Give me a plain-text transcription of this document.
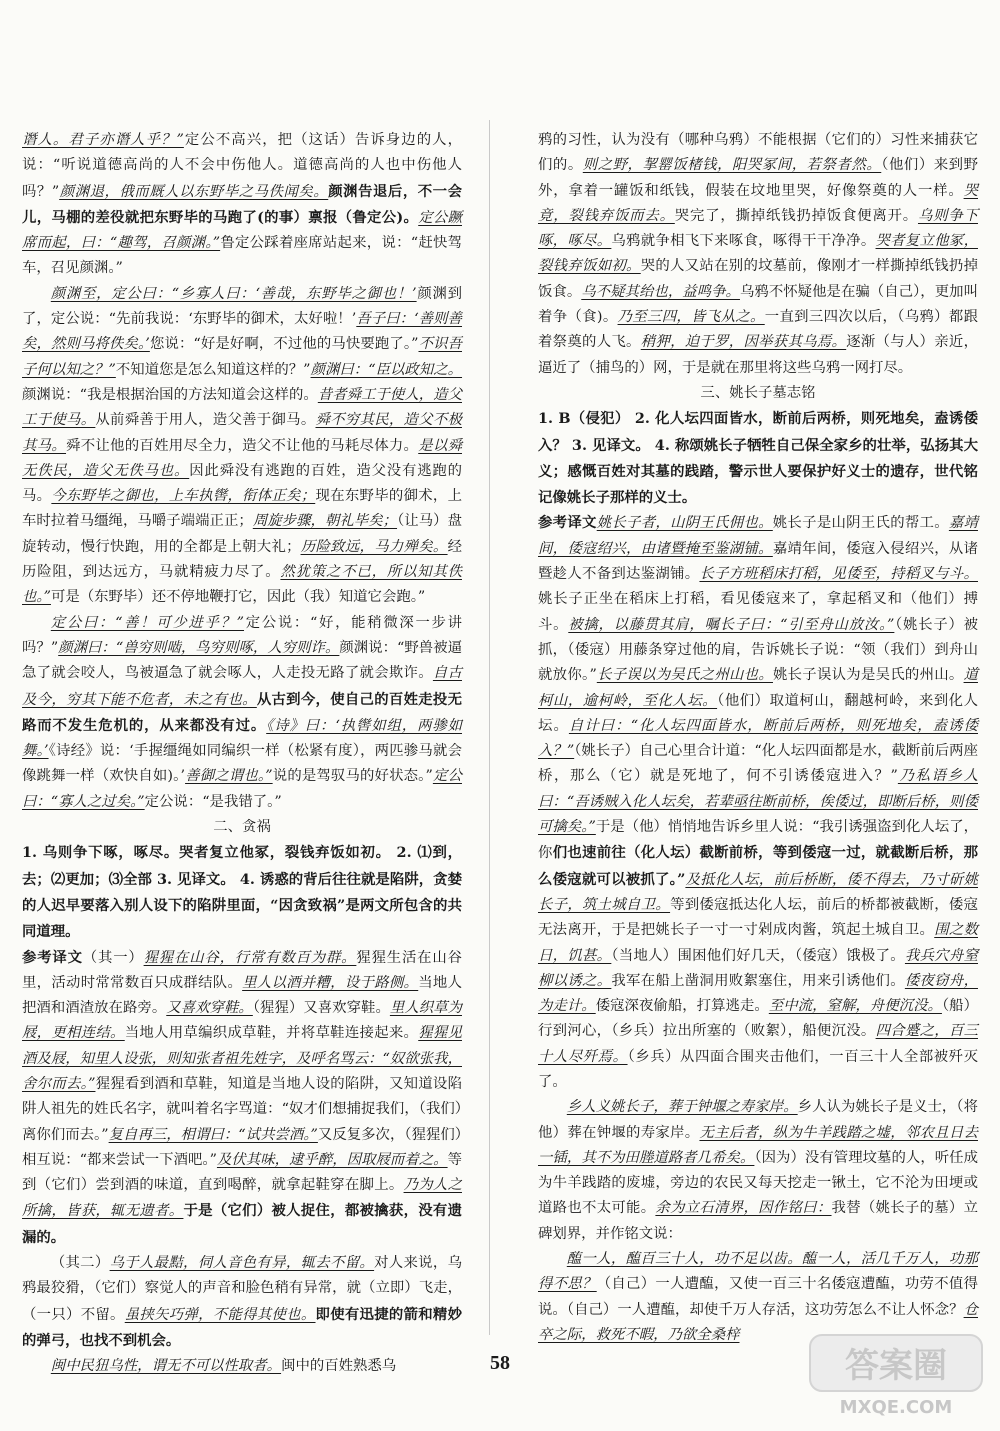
谮人。君子亦谮人乎？”定公不高兴，把（这话）告诉身边的人，说：“听说道德高尚的人不会中伤他人。道德高尚的人也中伤他人吗？”颜渊退，俄而厩人以东野毕之马佚闻矣。颜渊告退后，不一会儿，马棚的差役就把东野毕的马跑了(的事）禀报（鲁定公)。定公蹶席而起，曰：“趣驾，召颜渊。”鲁定公踩着座席站起来，说：“赶快驾车，召见颜渊。”

颜渊至，定公曰：“乡寡人曰：‘善哉，东野毕之御也！’颜渊到了，定公说：“先前我说：‘东野毕的御术，太好啦！’吾子曰：‘善则善矣，然则马将佚矣。’您说：“好是好啊，不过他的马快要跑了。”不识吾子何以知之？”不知道您是怎么知道这样的？”颜渊曰：“臣以政知之。颜渊说：“我是根据治国的方法知道会这样的。昔者舜工于使人，造父工于使马。从前舜善于用人，造父善于御马。舜不穷其民，造父不极其马。舜不让他的百姓用尽全力，造父不让他的马耗尽体力。是以舜无佚民，造父无佚马也。因此舜没有逃跑的百姓，造父没有逃跑的马。今东野毕之御也，上车执辔，衔体正矣；现在东野毕的御术，上车时拉着马缰绳，马嚼子端端正正；周旋步骤，朝礼毕矣；（让马）盘旋转动，慢行快跑，用的全都是上朝大礼；历险致远，马力殚矣。经历险阻，到达远方，马就精疲力尽了。然犹策之不已，所以知其佚也。”可是（东野毕）还不停地鞭打它，因此（我）知道它会跑。”

定公曰：“善！可少进乎？”定公说：“好，能稍微深一步讲吗？”颜渊曰：“兽穷则啮，鸟穷则啄，人穷则诈。颜渊说：“野兽被逼急了就会咬人，鸟被逼急了就会啄人，人走投无路了就会欺诈。自古及今，穷其下能不危者，未之有也。从古到今，使自己的百姓走投无路而不发生危机的，从来都没有过。《诗》曰：‘执辔如组，两骖如舞。’《诗经》说：‘手握缰绳如同编织一样（松紧有度），两匹骖马就会像跳舞一样（欢快自如)。’善御之谓也。”说的是驾驭马的好状态。”定公曰：“寡人之过矣。”定公说：“是我错了。”

二、贪祸

1. 乌则争下啄，啄尽。哭者复立他冢，裂钱弃饭如初。 2. ⑴到，去；⑵更加；⑶全部 3. 见译文。 4. 诱惑的背后往往就是陷阱，贪婪的人迟早要落入别人设下的陷阱里面，“因贪致祸”是两文所包含的共同道理。

参考译文（其一）猩猩在山谷，行常有数百为群。猩猩生活在山谷里，活动时常常数百只成群结队。里人以酒并糟，设于路侧。当地人把酒和酒渣放在路旁。又喜欢穿鞋。（猩猩）又喜欢穿鞋。里人织草为屐，更相连结。当地人用草编织成草鞋，并将草鞋连接起来。猩猩见酒及屐，知里人设张，则知张者祖先姓字，及呼名骂云：“奴欲张我，舍尔而去。”猩猩看到酒和草鞋，知道是当地人设的陷阱，又知道设陷阱人祖先的姓氏名字，就叫着名字骂道：“奴才们想捕捉我们，（我们）离你们而去。”复自再三，相谓曰：“试共尝酒。”又反复多次，（猩猩们）相互说：“都来尝试一下酒吧。”及伏其味，逮乎醉，因取屐而着之。等到（它们）尝到酒的味道，直到喝醉，就拿起鞋穿在脚上。乃为人之所擒，皆获，辄无遗者。于是（它们）被人捉住，都被擒获，没有遗漏的。

（其二）乌于人最黠，伺人音色有异，辄去不留。对人来说，乌鸦最狡猾，（它们）察觉人的声音和脸色稍有异常，就（立即）飞走，（一只）不留。虽挟矢巧弹，不能得其使也。即使有迅捷的箭和精妙的弹弓，也找不到机会。

闽中民狃乌性，谓无不可以性取者。闽中的百姓熟悉乌

鸦的习性，认为没有（哪种乌鸦）不能根据（它们的）习性来捕获它们的。则之野，挈罂饭楮钱，阳哭冢间，若祭者然。（他们）来到野外，拿着一罐饭和纸钱，假装在坟地里哭，好像祭奠的人一样。哭竟，裂钱弃饭而去。哭完了，撕掉纸钱扔掉饭食便离开。乌则争下啄，啄尽。乌鸦就争相飞下来啄食，啄得干干净净。哭者复立他冢，裂钱弃饭如初。哭的人又站在别的坟墓前，像刚才一样撕掉纸钱扔掉饭食。乌不疑其绐也，益鸣争。乌鸦不怀疑他是在骗（自己），更加叫着争（食)。乃至三四，皆飞从之。一直到三四次以后，（乌鸦）都跟着祭奠的人飞。稍狎，迫于罗，因举获其乌焉。逐渐（与人）亲近，逼近了（捕鸟的）网，于是就在那里将这些乌鸦一网打尽。

三、姚长子墓志铭

1. B（侵犯） 2. 化人坛四面皆水，断前后两桥，则死地矣，盍诱倭入？ 3. 见译文。 4. 称颂姚长子牺牲自己保全家乡的壮举，弘扬其大义；感慨百姓对其墓的践踏，警示世人要保护好义士的遗存，世代铭记像姚长子那样的义士。

参考译文姚长子者，山阴王氏佣也。姚长子是山阴王氏的帮工。嘉靖间，倭寇绍兴，由诸暨掩至鉴湖铺。嘉靖年间，倭寇入侵绍兴，从诸暨趁人不备到达鉴湖铺。长子方班稻床打稻，见倭至，持稻叉与斗。姚长子正坐在稻床上打稻，看见倭寇来了，拿起稻叉和（他们）搏斗。被擒，以藤贯其肩，嘱长子曰：“引至舟山放汝。”（姚长子）被抓，（倭寇）用藤条穿过他的肩，告诉姚长子说：“领（我们）到舟山就放你。”长子误以为吴氏之州山也。姚长子误认为是吴氏的州山。道柯山，逾柯岭，至化人坛。（他们）取道柯山，翻越柯岭，来到化人坛。自计曰：“化人坛四面皆水，断前后两桥，则死地矣，盍诱倭入？”（姚长子）自己心里合计道：“化人坛四面都是水，截断前后两座桥，那么（它）就是死地了，何不引诱倭寇进入？”乃私语乡人曰：“吾诱贼入化人坛矣，若辈亟往断前桥，俟倭过，即断后桥，则倭可擒矣。”于是（他）悄悄地告诉乡里人说：“我引诱强盗到化人坛了，你们也速前往（化人坛）截断前桥，等到倭寇一过，就截断后桥，那么倭寇就可以被抓了。”及抵化人坛，前后桥断，倭不得去，乃寸斫姚长子，筑土城自卫。等到倭寇抵达化人坛，前后的桥都被截断，倭寇无法离开，于是把姚长子一寸一寸剁成肉酱，筑起土城自卫。围之数日，饥甚。（当地人）围困他们好几天，（倭寇）饿极了。我兵穴舟窒柳以诱之。我军在船上凿洞用败絮塞住，用来引诱他们。倭夜窃舟，为走计。倭寇深夜偷船，打算逃走。至中流，窒解，舟便沉没。（船）行到河心，（乡兵）拉出所塞的（败絮），船便沉没。四合蹙之，百三十人尽歼焉。（乡兵）从四面合围夹击他们，一百三十人全部被歼灭了。

乡人义姚长子，葬于钟堰之寿家岸。乡人认为姚长子是义士，（将他）葬在钟堰的寿家岸。无主后者，纵为牛羊践踏之墟，邻农且日去一锸，其不为田塍道路者几希矣。（因为）没有管理坟墓的人，听任成为牛羊践踏的废墟，旁边的农民又每天挖走一锹土，它不沦为田埂或道路也不太可能。余为立石清界，因作铭曰：我替（姚长子的墓）立碑划界，并作铭文说：

醢一人，醢百三十人，功不足以齿。醢一人，活几千万人，功那得不思？（自己）一人遭醢，又使一百三十名倭寇遭醢，功劳不值得说。（自己）一人遭醢，却使千万人存活，这功劳怎么不让人怀念？仓卒之际，救死不暇，乃欲全桑梓

58	答案圈
MXQE.COM
